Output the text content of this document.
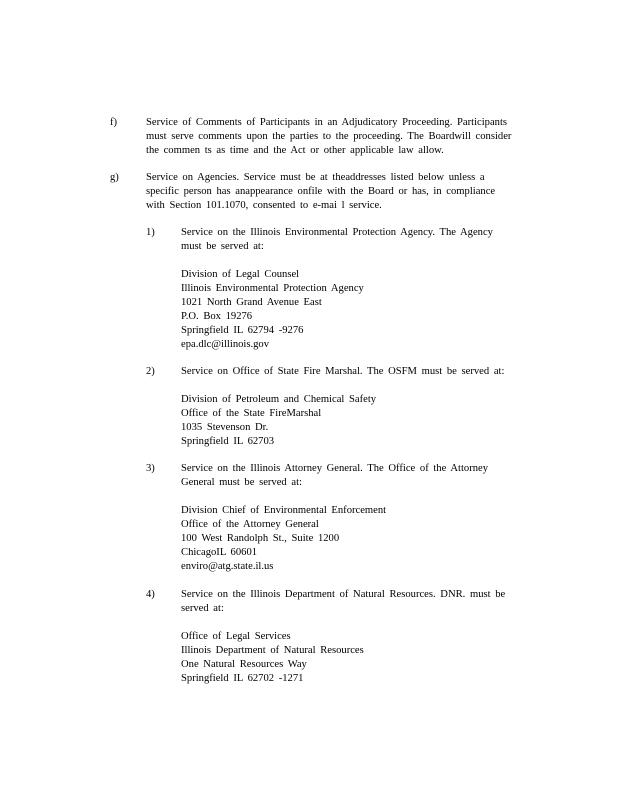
f)	Service of Comments of Participants in an Adjudicatory Proceeding. Participants
must serve comments upon the parties to the proceeding. The Boardwill consider
the commen ts as time and the Act or other applicable law allow.
g)	Service on Agencies. Service must be at theaddresses listed below unless a
specific person has anappearance onfile with the Board or has, in compliance
with Section 101.1070, consented to e-mai l service.
1) Service on the Illinois Environmental Protection Agency. The Agency
must be served at:
Division of Legal Counsel
Illinois Environmental Protection Agency
1021 North Grand Avenue East
P.O. Box 19276
Springfield IL 62794 -9276
epa.dlc@illinois.gov
2) Service on Office of State Fire Marshal. The OSFM must be served at:
Division of Petroleum and Chemical Safety
Office of the State FireMarshal
1035 Stevenson Dr.
Springfield IL 62703
3) Service on the Illinois Attorney General. The Office of the Attorney
General must be served at:
Division Chief of Environmental Enforcement
Office of the Attorney General
100 West Randolph St., Suite 1200
ChicagoIL 60601
enviro@atg.state.il.us
4) Service on the Illinois Department of Natural Resources. DNR. must be
served at:
Office of Legal Services
Illinois Department of Natural Resources
One Natural Resources Way
Springfield IL 62702 -1271
